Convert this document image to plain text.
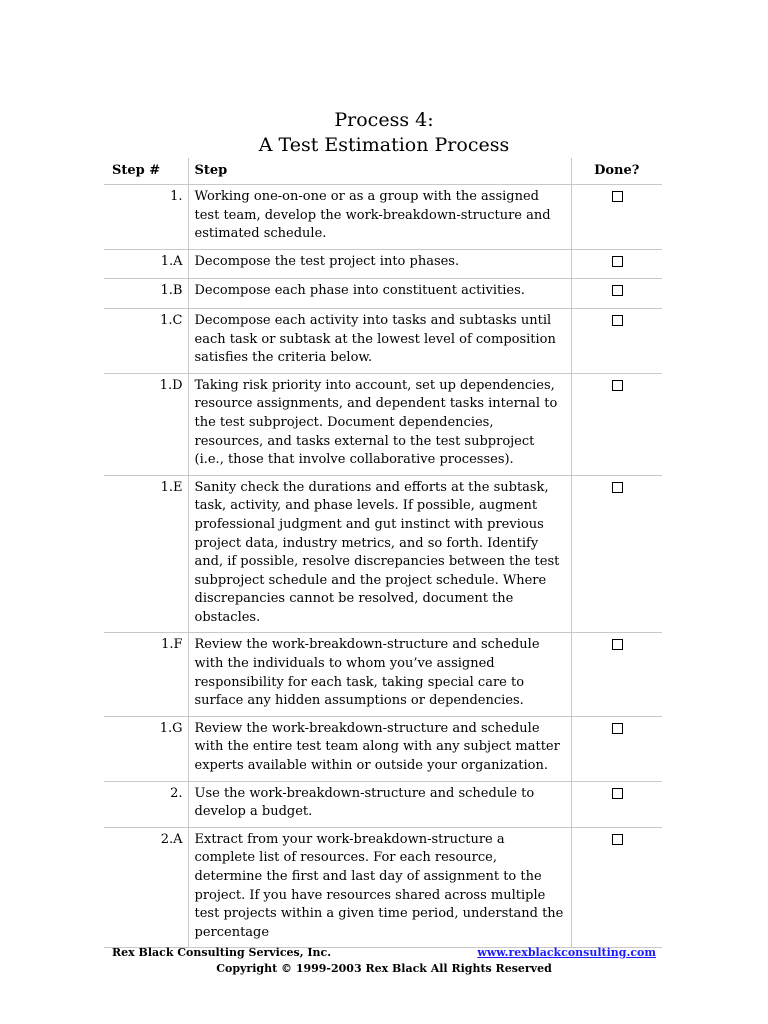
Process 4:
A Test Estimation Process
Step #	Step	Done?
1.	Working one-on-one or as a group with the assigned test team, develop the work-breakdown-structure and estimated schedule.	
1.A	Decompose the test project into phases.	
1.B	Decompose each phase into constituent activities.	
1.C	Decompose each activity into tasks and subtasks until each task or subtask at the lowest level of composition satisfies the criteria below.	
1.D	Taking risk priority into account, set up dependencies, resource assignments, and dependent tasks internal to the test subproject. Document dependencies, resources, and tasks external to the test subproject (i.e., those that involve collaborative processes).	
1.E	Sanity check the durations and efforts at the subtask, task, activity, and phase levels. If possible, augment professional judgment and gut instinct with previous project data, industry metrics, and so forth. Identify and, if possible, resolve discrepancies between the test subproject schedule and the project schedule. Where discrepancies cannot be resolved, document the obstacles.	
1.F	Review the work-breakdown-structure and schedule with the individuals to whom you’ve assigned responsibility for each task, taking special care to surface any hidden assumptions or dependencies.	
1.G	Review the work-breakdown-structure and schedule with the entire test team along with any subject matter experts available within or outside your organization.	
2.	Use the work-breakdown-structure and schedule to develop a budget.	
2.A	Extract from your work-breakdown-structure a complete list of resources. For each resource, determine the first and last day of assignment to the project. If you have resources shared across multiple test projects within a given time period, understand the percentage	
Rex Black Consulting Services, Inc.	www.rexblackconsulting.com
Copyright © 1999-2003 Rex Black All Rights Reserved
